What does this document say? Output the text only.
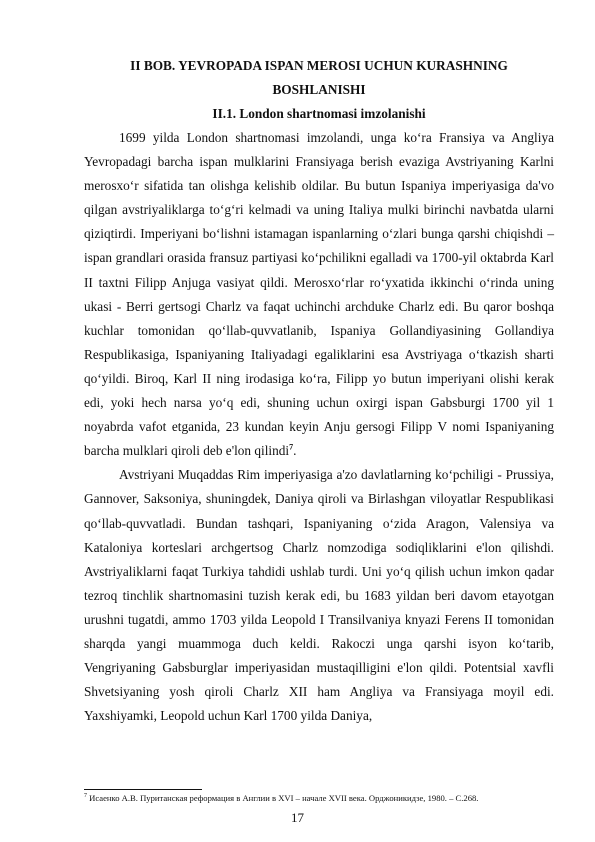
II BOB. YEVROPADA ISPAN MEROSI UCHUN KURASHNING BOSHLANISHI
II.1. London shartnomasi imzolanishi

1699 yilda London shartnomasi imzolandi, unga ko‘ra Fransiya va Angliya Yevropadagi barcha ispan mulklarini Fransiyaga berish evaziga Avstriyaning Karlni merosxo‘r sifatida tan olishga kelishib oldilar. Bu butun Ispaniya imperiyasiga da'vo qilgan avstriyaliklarga to‘g‘ri kelmadi va uning Italiya mulki birinchi navbatda ularni qiziqtirdi. Imperiyani bo‘lishni istamagan ispanlarning o‘zlari bunga qarshi chiqishdi – ispan grandlari orasida fransuz partiyasi ko‘pchilikni egalladi va 1700-yil oktabrda Karl II taxtni Filipp Anjuga vasiyat qildi. Merosxo‘rlar ro‘yxatida ikkinchi o‘rinda uning ukasi - Berri gertsogi Charlz va faqat uchinchi archduke Charlz edi. Bu qaror boshqa kuchlar tomonidan qo‘llab-quvvatlanib, Ispaniya Gollandiyasining Gollandiya Respublikasiga, Ispaniyaning Italiyadagi egaliklarini esa Avstriyaga o‘tkazish sharti qo‘yildi. Biroq, Karl II ning irodasiga ko‘ra, Filipp yo butun imperiyani olishi kerak edi, yoki hech narsa yo‘q edi, shuning uchun oxirgi ispan Gabsburgi 1700 yil 1 noyabrda vafot etganida, 23 kundan keyin Anju gersogi Filipp V nomi Ispaniyaning barcha mulklari qiroli deb e'lon qilindi$^7$.

Avstriyani Muqaddas Rim imperiyasiga a'zo davlatlarning ko‘pchiligi - Prussiya, Gannover, Saksoniya, shuningdek, Daniya qiroli va Birlashgan viloyatlar Respublikasi qo‘llab-quvvatladi. Bundan tashqari, Ispaniyaning o‘zida Aragon, Valensiya va Kataloniya korteslari archgertsog Charlz nomzodiga sodiqliklarini e'lon qilishdi. Avstriyaliklarni faqat Turkiya tahdidi ushlab turdi. Uni yo‘q qilish uchun imkon qadar tezroq tinchlik shartnomasini tuzish kerak edi, bu 1683 yildan beri davom etayotgan urushni tugatdi, ammo 1703 yilda Leopold I Transilvaniya knyazi Ferens II tomonidan sharqda yangi muammoga duch keldi. Rakoczi unga qarshi isyon ko‘tarib, Vengriyaning Gabsburglar imperiyasidan mustaqilligini e'lon qildi. Potentsial xavfli Shvetsiyaning yosh qiroli Charlz XII ham Angliya va Fransiyaga moyil edi. Yaxshiyamki, Leopold uchun Karl 1700 yilda Daniya,

$^7$ Исаенко А.В. Пуританская реформация в Англии в XVI – начале XVII века. Орджоникидзе, 1980. – С.268.
17
